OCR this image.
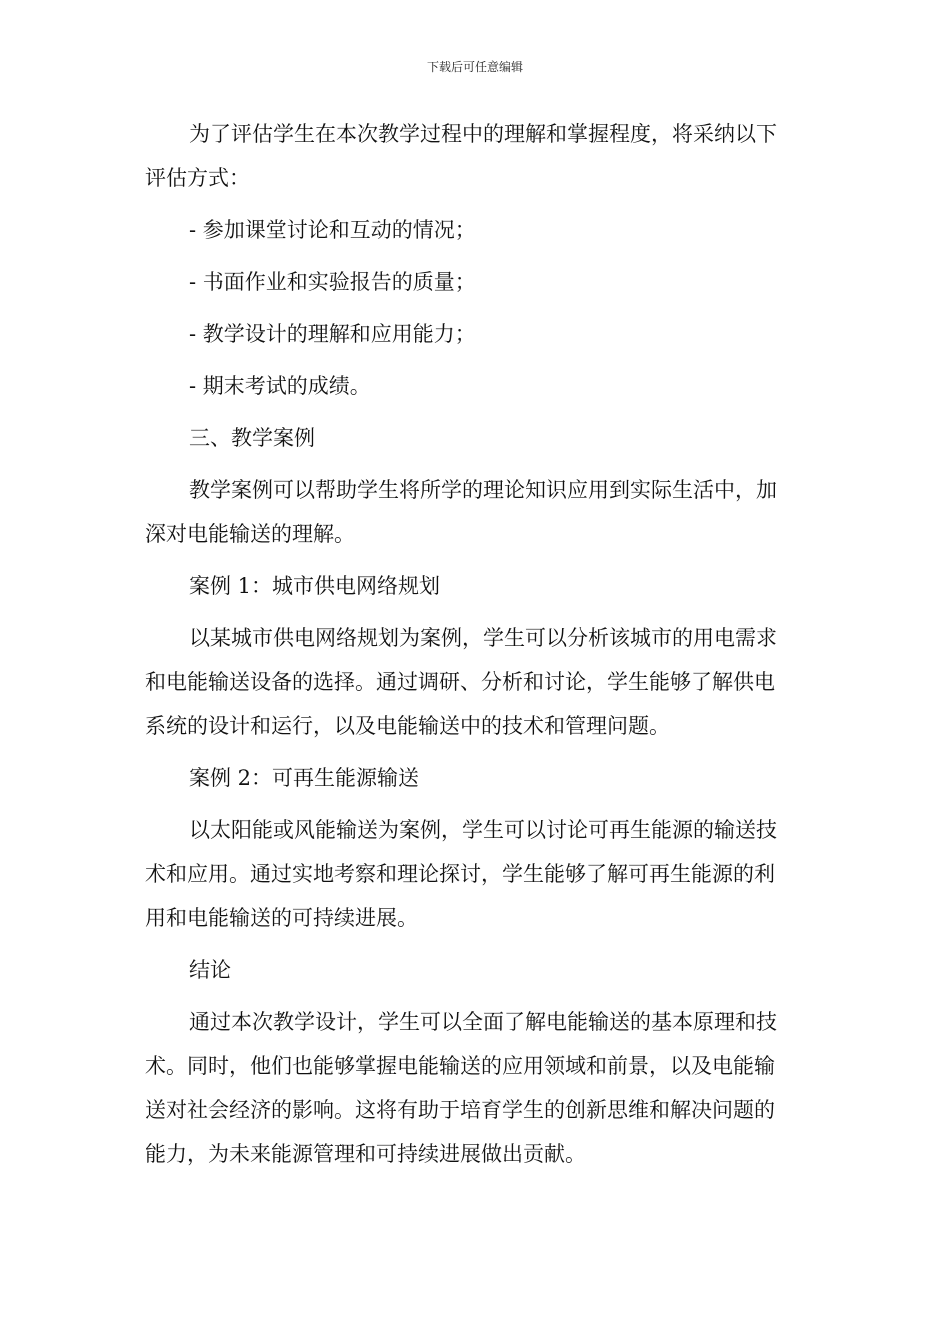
下载后可任意编辑

为了评估学生在本次教学过程中的理解和掌握程度，将采纳以下评估方式：

- 参加课堂讨论和互动的情况；

- 书面作业和实验报告的质量；

- 教学设计的理解和应用能力；

- 期末考试的成绩。

三、教学案例

教学案例可以帮助学生将所学的理论知识应用到实际生活中，加深对电能输送的理解。

案例 1：城市供电网络规划

以某城市供电网络规划为案例，学生可以分析该城市的用电需求和电能输送设备的选择。通过调研、分析和讨论，学生能够了解供电系统的设计和运行，以及电能输送中的技术和管理问题。

案例 2：可再生能源输送

以太阳能或风能输送为案例，学生可以讨论可再生能源的输送技术和应用。通过实地考察和理论探讨，学生能够了解可再生能源的利用和电能输送的可持续进展。

结论

通过本次教学设计，学生可以全面了解电能输送的基本原理和技术。同时，他们也能够掌握电能输送的应用领域和前景，以及电能输送对社会经济的影响。这将有助于培育学生的创新思维和解决问题的能力，为未来能源管理和可持续进展做出贡献。
